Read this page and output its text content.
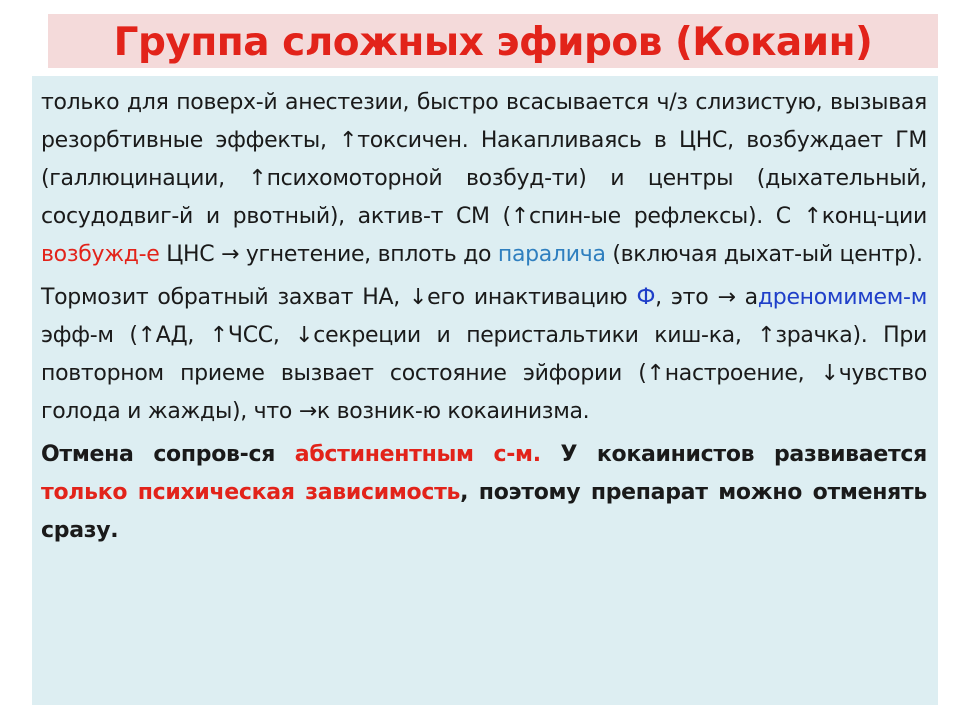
Группа сложных эфиров (Кокаин)

только для поверх-й анестезии, быстро всасывается ч/з слизистую, вызывая резорбтивные эффекты, ↑токсичен. Накапливаясь в ЦНС, возбуждает ГМ (галлюцинации, ↑психомоторной возбуд-ти) и центры (дыхательный, сосудодвиг-й и рвотный), актив-т СМ (↑спин-ые рефлексы). С ↑конц-ции возбужд-е ЦНС → угнетение, вплоть до паралича (включая дыхат-ый центр).

Тормозит обратный захват НА, ↓его инактивацию Ф, это → адреномимем-м эфф-м (↑АД, ↑ЧСС, ↓секреции и перистальтики киш-ка, ↑зрачка). При повторном приеме вызвает состояние эйфории (↑настроение, ↓чувство голода и жажды), что →к возник-ю кокаинизма.

Отмена сопров-ся абстинентным с-м. У кокаинистов развивается только психическая зависимость, поэтому препарат можно отменять сразу.
